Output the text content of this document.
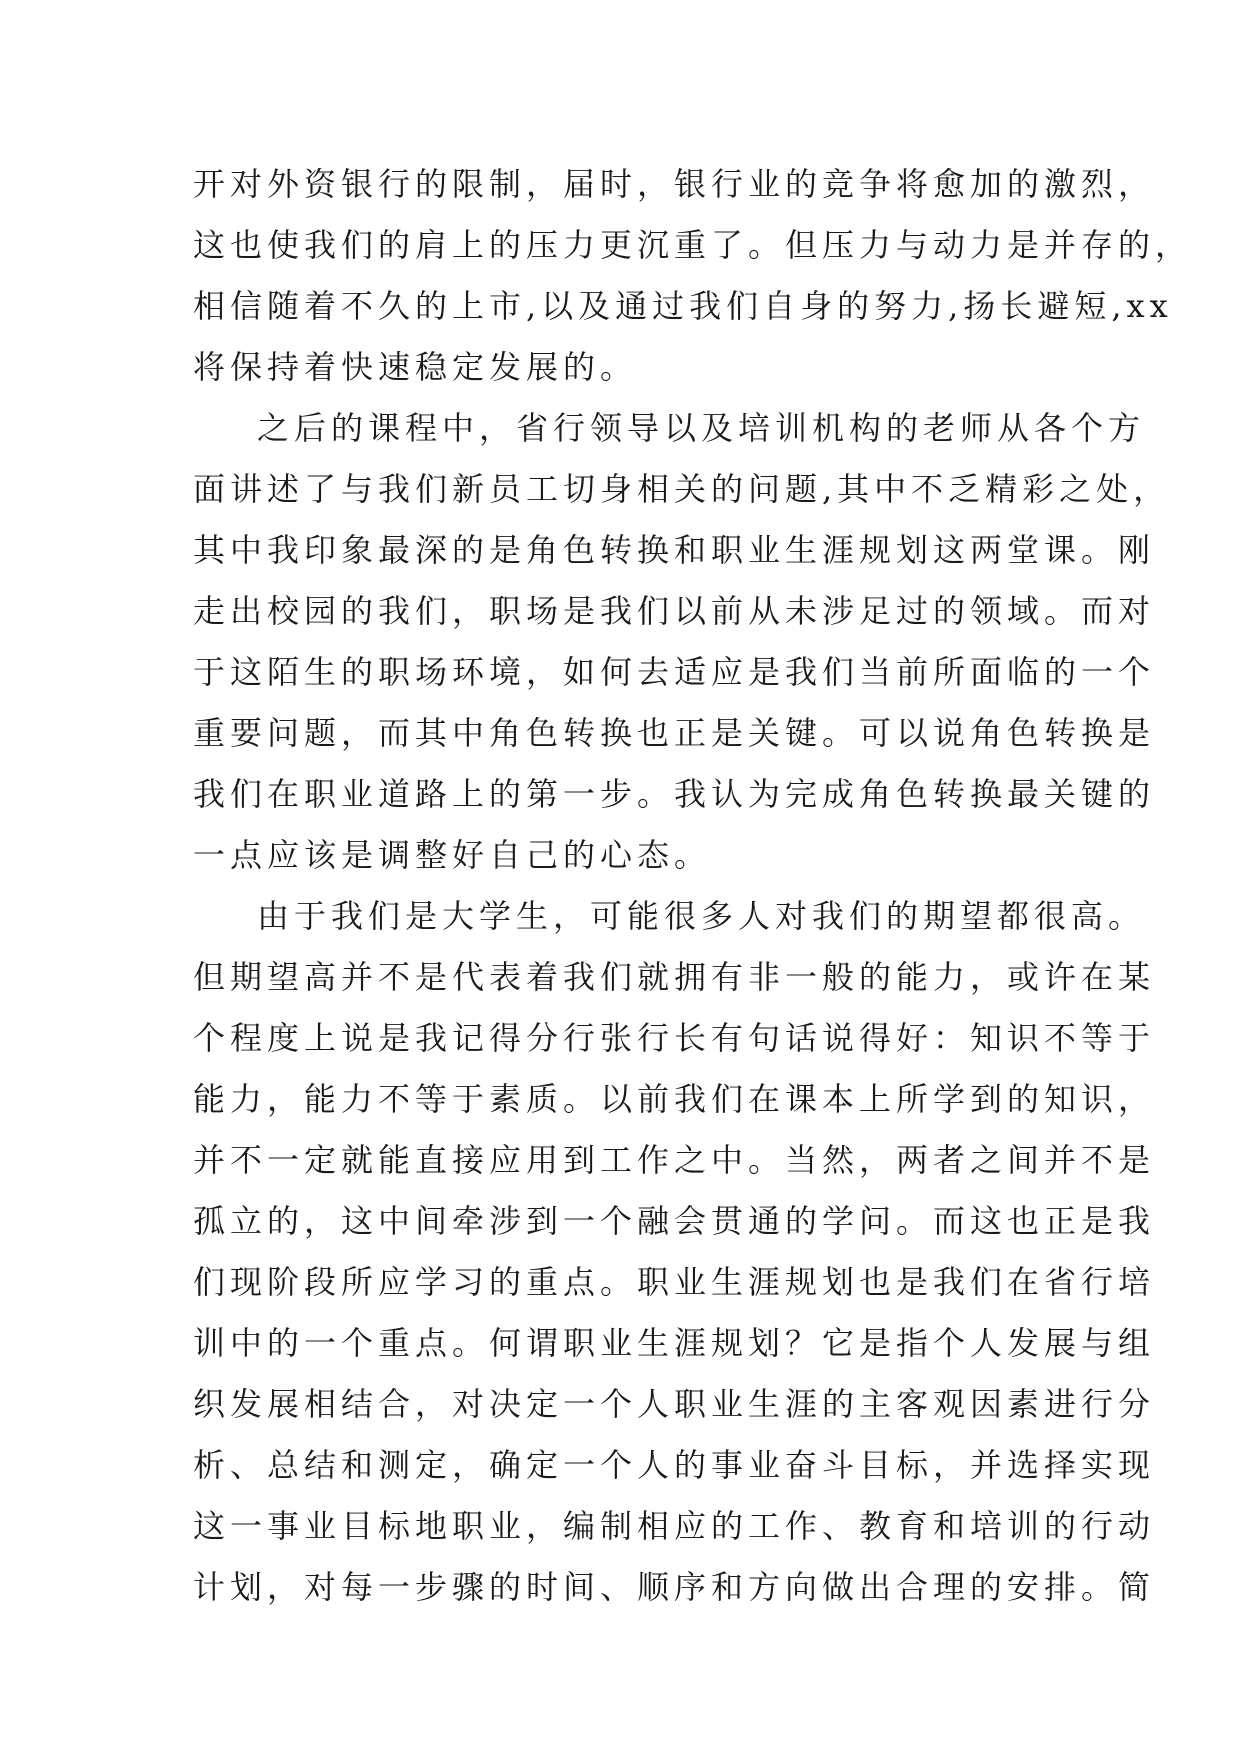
开对外资银行的限制，届时，银行业的竞争将愈加的激烈，
这也使我们的肩上的压力更沉重了。但压力与动力是并存的，
相信随着不久的上市,以及通过我们自身的努力,扬长避短,xx
将保持着快速稳定发展的。
之后的课程中，省行领导以及培训机构的老师从各个方
面讲述了与我们新员工切身相关的问题,其中不乏精彩之处，
其中我印象最深的是角色转换和职业生涯规划这两堂课。刚
走出校园的我们，职场是我们以前从未涉足过的领域。而对
于这陌生的职场环境，如何去适应是我们当前所面临的一个
重要问题，而其中角色转换也正是关键。可以说角色转换是
我们在职业道路上的第一步。我认为完成角色转换最关键的
一点应该是调整好自己的心态。
由于我们是大学生，可能很多人对我们的期望都很高。
但期望高并不是代表着我们就拥有非一般的能力，或许在某
个程度上说是我记得分行张行长有句话说得好：知识不等于
能力，能力不等于素质。以前我们在课本上所学到的知识，
并不一定就能直接应用到工作之中。当然，两者之间并不是
孤立的，这中间牵涉到一个融会贯通的学问。而这也正是我
们现阶段所应学习的重点。职业生涯规划也是我们在省行培
训中的一个重点。何谓职业生涯规划？它是指个人发展与组
织发展相结合，对决定一个人职业生涯的主客观因素进行分
析、总结和测定，确定一个人的事业奋斗目标，并选择实现
这一事业目标地职业，编制相应的工作、教育和培训的行动
计划，对每一步骤的时间、顺序和方向做出合理的安排。简
